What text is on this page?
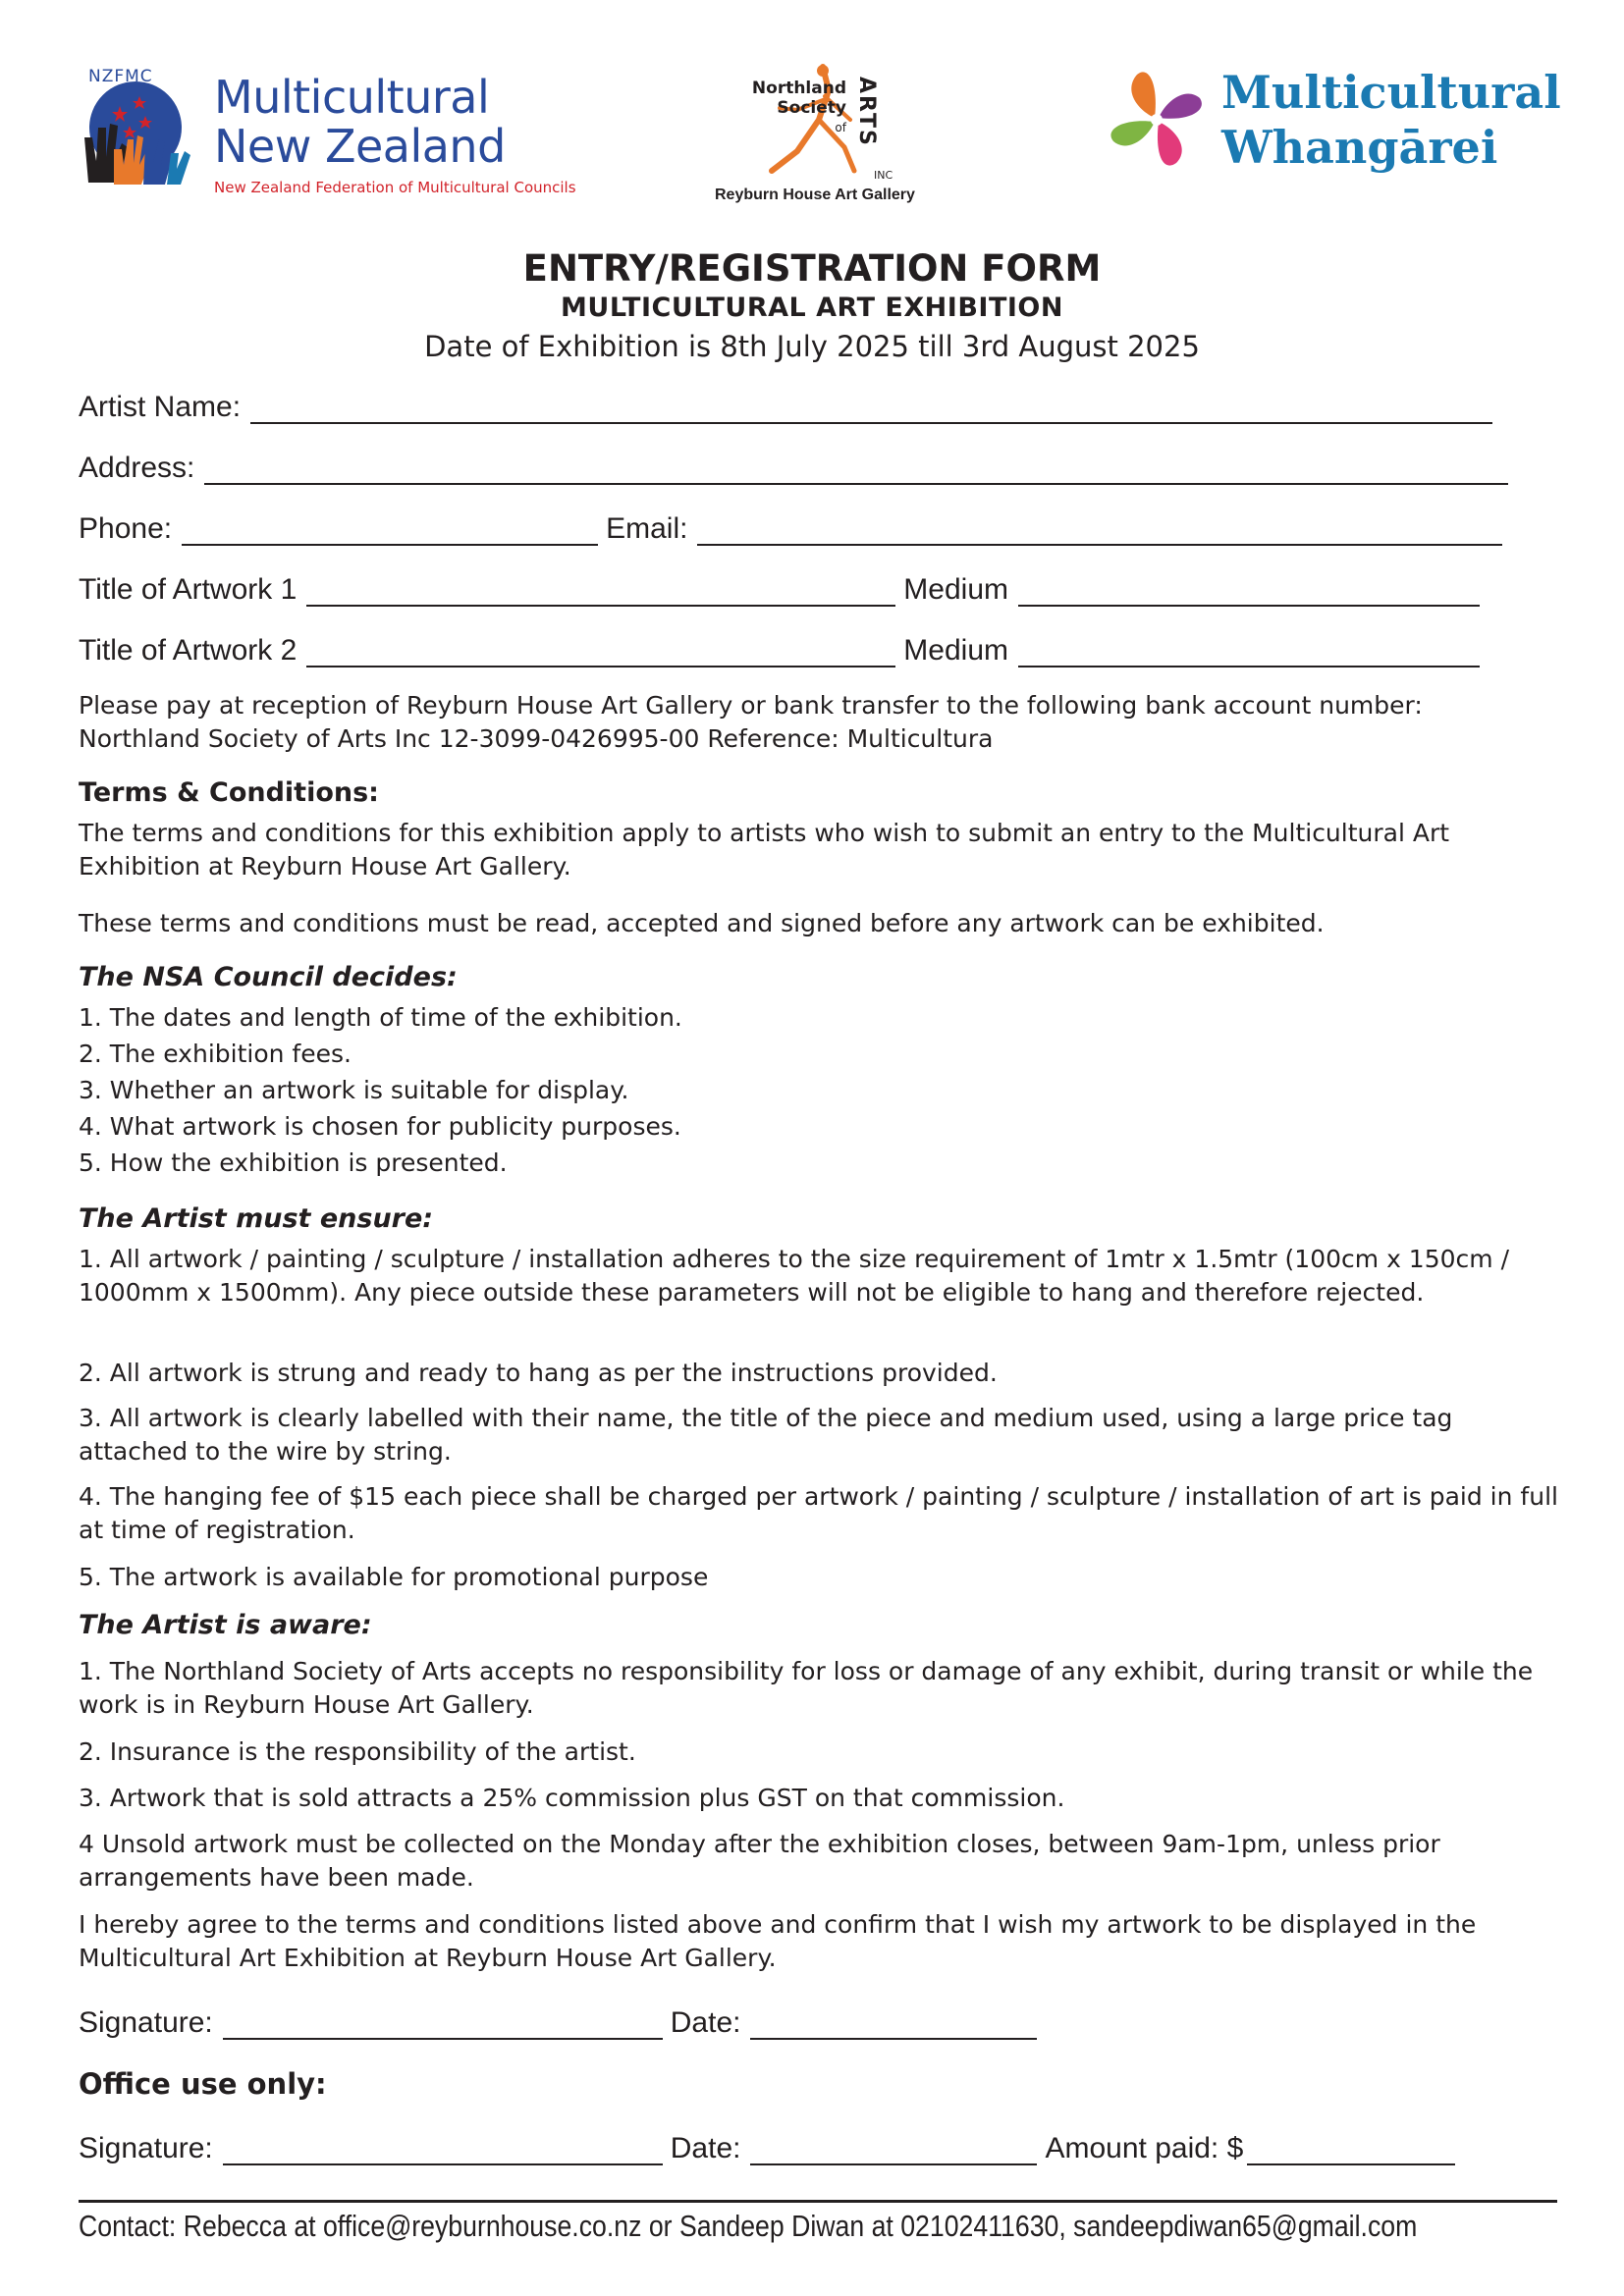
NZFMC Multicultural
New Zealand
New Zealand Federation of Multicultural Councils
Northland
Society
of ARTS
INC
Reyburn House Art Gallery
Multicultural
Whangārei
ENTRY/REGISTRATION FORM
MULTICULTURAL ART EXHIBITION
Date of Exhibition is 8th July 2025 till 3rd August 2025
Artist Name:
Address:
Phone:	Email:
Title of Artwork 1	Medium
Title of Artwork 2	Medium
Please pay at reception of Reyburn House Art Gallery or bank transfer to the following bank account number:
Northland Society of Arts Inc 12-3099-0426995-00 Reference: Multicultura
Terms & Conditions:
The terms and conditions for this exhibition apply to artists who wish to submit an entry to the Multicultural Art Exhibition at Reyburn House Art Gallery.
These terms and conditions must be read, accepted and signed before any artwork can be exhibited.
The NSA Council decides:
1. The dates and length of time of the exhibition.
2. The exhibition fees.
3. Whether an artwork is suitable for display.
4. What artwork is chosen for publicity purposes.
5. How the exhibition is presented.
The Artist must ensure:
1. All artwork / painting / sculpture / installation adheres to the size requirement of 1mtr x 1.5mtr (100cm x 150cm / 1000mm x 1500mm). Any piece outside these parameters will not be eligible to hang and therefore rejected.
2. All artwork is strung and ready to hang as per the instructions provided.
3. All artwork is clearly labelled with their name, the title of the piece and medium used, using a large price tag attached to the wire by string.
4. The hanging fee of $15 each piece shall be charged per artwork / painting / sculpture / installation of art is paid in full at time of registration.
5. The artwork is available for promotional purpose
The Artist is aware:
1. The Northland Society of Arts accepts no responsibility for loss or damage of any exhibit, during transit or while the work is in Reyburn House Art Gallery.
2. Insurance is the responsibility of the artist.
3. Artwork that is sold attracts a 25% commission plus GST on that commission.
4 Unsold artwork must be collected on the Monday after the exhibition closes, between 9am-1pm, unless prior arrangements have been made.
I hereby agree to the terms and conditions listed above and confirm that I wish my artwork to be displayed in the Multicultural Art Exhibition at Reyburn House Art Gallery.
Signature:	Date:
Office use only:
Signature:	Date:	Amount paid: $
Contact: Rebecca at office@reyburnhouse.co.nz or Sandeep Diwan at 02102411630, sandeepdiwan65@gmail.com
